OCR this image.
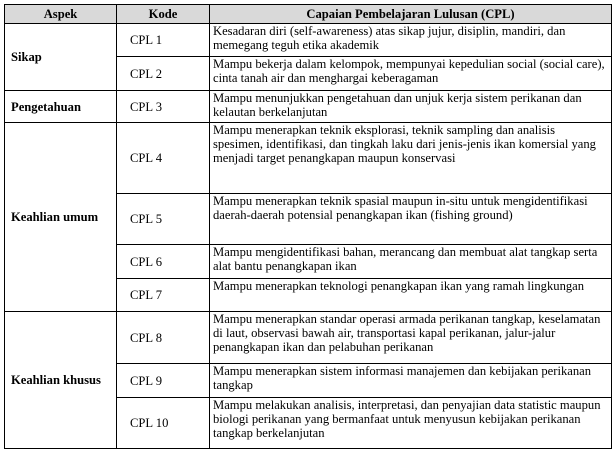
Aspek	Kode	Capaian Pembelajaran Lulusan (CPL)
Sikap	CPL 1	Kesadaran diri (self-awareness) atas sikap jujur, disiplin, mandiri, dan memegang teguh etika akademik
	CPL 2	Mampu bekerja dalam kelompok, mempunyai kepedulian social (social care), cinta tanah air dan menghargai keberagaman
Pengetahuan	CPL 3	Mampu menunjukkan pengetahuan dan unjuk kerja sistem perikanan dan kelautan berkelanjutan
Keahlian umum	CPL 4	Mampu menerapkan teknik eksplorasi, teknik sampling dan analisis spesimen, identifikasi, dan tingkah laku dari jenis-jenis ikan komersial yang menjadi target penangkapan maupun konservasi
	CPL 5	Mampu menerapkan teknik spasial maupun in-situ untuk mengidentifikasi daerah-daerah potensial penangkapan ikan (fishing ground)
	CPL 6	Mampu mengidentifikasi bahan, merancang dan membuat alat tangkap serta alat bantu penangkapan ikan
	CPL 7	Mampu menerapkan teknologi penangkapan ikan yang ramah lingkungan
Keahlian khusus	CPL 8	Mampu menerapkan standar operasi armada perikanan tangkap, keselamatan di laut, observasi bawah air, transportasi kapal perikanan, jalur-jalur penangkapan ikan dan pelabuhan perikanan
	CPL 9	Mampu menerapkan sistem informasi manajemen dan kebijakan perikanan tangkap
	CPL 10	Mampu melakukan analisis, interpretasi, dan penyajian data statistic maupun biologi perikanan yang bermanfaat untuk menyusun kebijakan perikanan tangkap berkelanjutan
